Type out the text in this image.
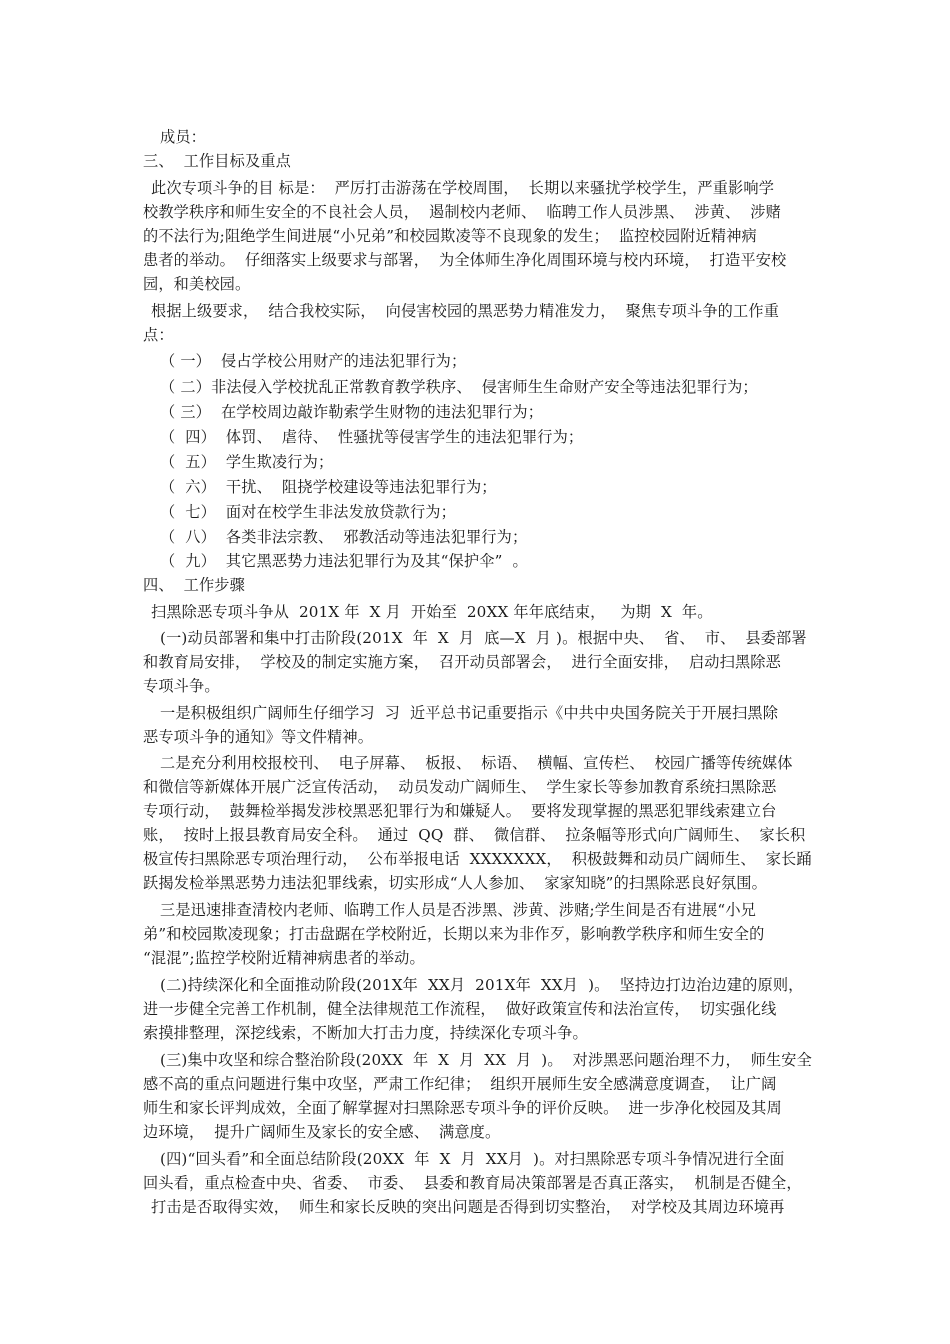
成员：

三、  工作目标及重点

此次专项斗争的目 标是：  严厉打击游荡在学校周围，  长期以来骚扰学校学生，严重影响学

校教学秩序和师生安全的不良社会人员，  遏制校内老师、  临聘工作人员涉黑、  涉黄、  涉赌

的不法行为;阻绝学生间进展“小兄弟”和校园欺凌等不良现象的发生；  监控校园附近精神病

患者的举动。  仔细落实上级要求与部署，  为全体师生净化周围环境与校内环境，  打造平安校

园，和美校园。

根据上级要求，  结合我校实际，  向侵害校园的黑恶势力精准发力，  聚焦专项斗争的工作重

点：

（ 一）  侵占学校公用财产的违法犯罪行为；

（ 二）非法侵入学校扰乱正常教育教学秩序、  侵害师生生命财产安全等违法犯罪行为；

（ 三）  在学校周边敲诈勒索学生财物的违法犯罪行为；

（  四）  体罚、  虐待、  性骚扰等侵害学生的违法犯罪行为；

（  五）  学生欺凌行为；

（  六）  干扰、  阻挠学校建设等违法犯罪行为；

（  七）  面对在校学生非法发放贷款行为；

（  八）  各类非法宗教、  邪教活动等违法犯罪行为；

（  九）  其它黑恶势力违法犯罪行为及其“保护伞”  。

四、  工作步骤

扫黑除恶专项斗争从  201X 年  X 月  开始至  20XX 年年底结束，   为期  X  年。

(一)动员部署和集中打击阶段(201X  年  X  月  底—X  月 )。根据中央、  省、  市、  县委部署

和教育局安排，  学校及的制定实施方案，  召开动员部署会，  进行全面安排，  启动扫黑除恶

专项斗争。

一是积极组织广阔师生仔细学习  习  近平总书记重要指示《中共中央国务院关于开展扫黑除

恶专项斗争的通知》等文件精神。

二是充分利用校报校刊、  电子屏幕、  板报、  标语、  横幅、宣传栏、  校园广播等传统媒体

和微信等新媒体开展广泛宣传活动，  动员发动广阔师生、  学生家长等参加教育系统扫黑除恶

专项行动，  鼓舞检举揭发涉校黑恶犯罪行为和嫌疑人。  要将发现掌握的黑恶犯罪线索建立台

账，  按时上报县教育局安全科。  通过  QQ  群、  微信群、  拉条幅等形式向广阔师生、  家长积

极宣传扫黑除恶专项治理行动，  公布举报电话  XXXXXXX，  积极鼓舞和动员广阔师生、  家长踊

跃揭发检举黑恶势力违法犯罪线索，切实形成“人人参加、  家家知晓”的扫黑除恶良好氛围。

三是迅速排查清校内老师、临聘工作人员是否涉黑、涉黄、涉赌;学生间是否有进展“小兄

弟”和校园欺凌现象；打击盘踞在学校附近，长期以来为非作歹，影响教学秩序和师生安全的

“混混”;监控学校附近精神病患者的举动。

(二)持续深化和全面推动阶段(201X年  XX月  201X年  XX月  )。  坚持边打边治边建的原则，

进一步健全完善工作机制，健全法律规范工作流程，  做好政策宣传和法治宣传，  切实强化线

索摸排整理，深挖线索，不断加大打击力度，持续深化专项斗争。

(三)集中攻坚和综合整治阶段(20XX  年  X  月  XX  月  )。  对涉黑恶问题治理不力，  师生安全

感不高的重点问题进行集中攻坚，严肃工作纪律；  组织开展师生安全感满意度调查，  让广阔

师生和家长评判成效，全面了解掌握对扫黑除恶专项斗争的评价反映。  进一步净化校园及其周

边环境，  提升广阔师生及家长的安全感、  满意度。

(四)“回头看”和全面总结阶段(20XX  年  X  月  XX月  )。对扫黑除恶专项斗争情况进行全面

回头看，重点检查中央、省委、  市委、  县委和教育局决策部署是否真正落实，  机制是否健全，

打击是否取得实效，  师生和家长反映的突出问题是否得到切实整治，  对学校及其周边环境再
